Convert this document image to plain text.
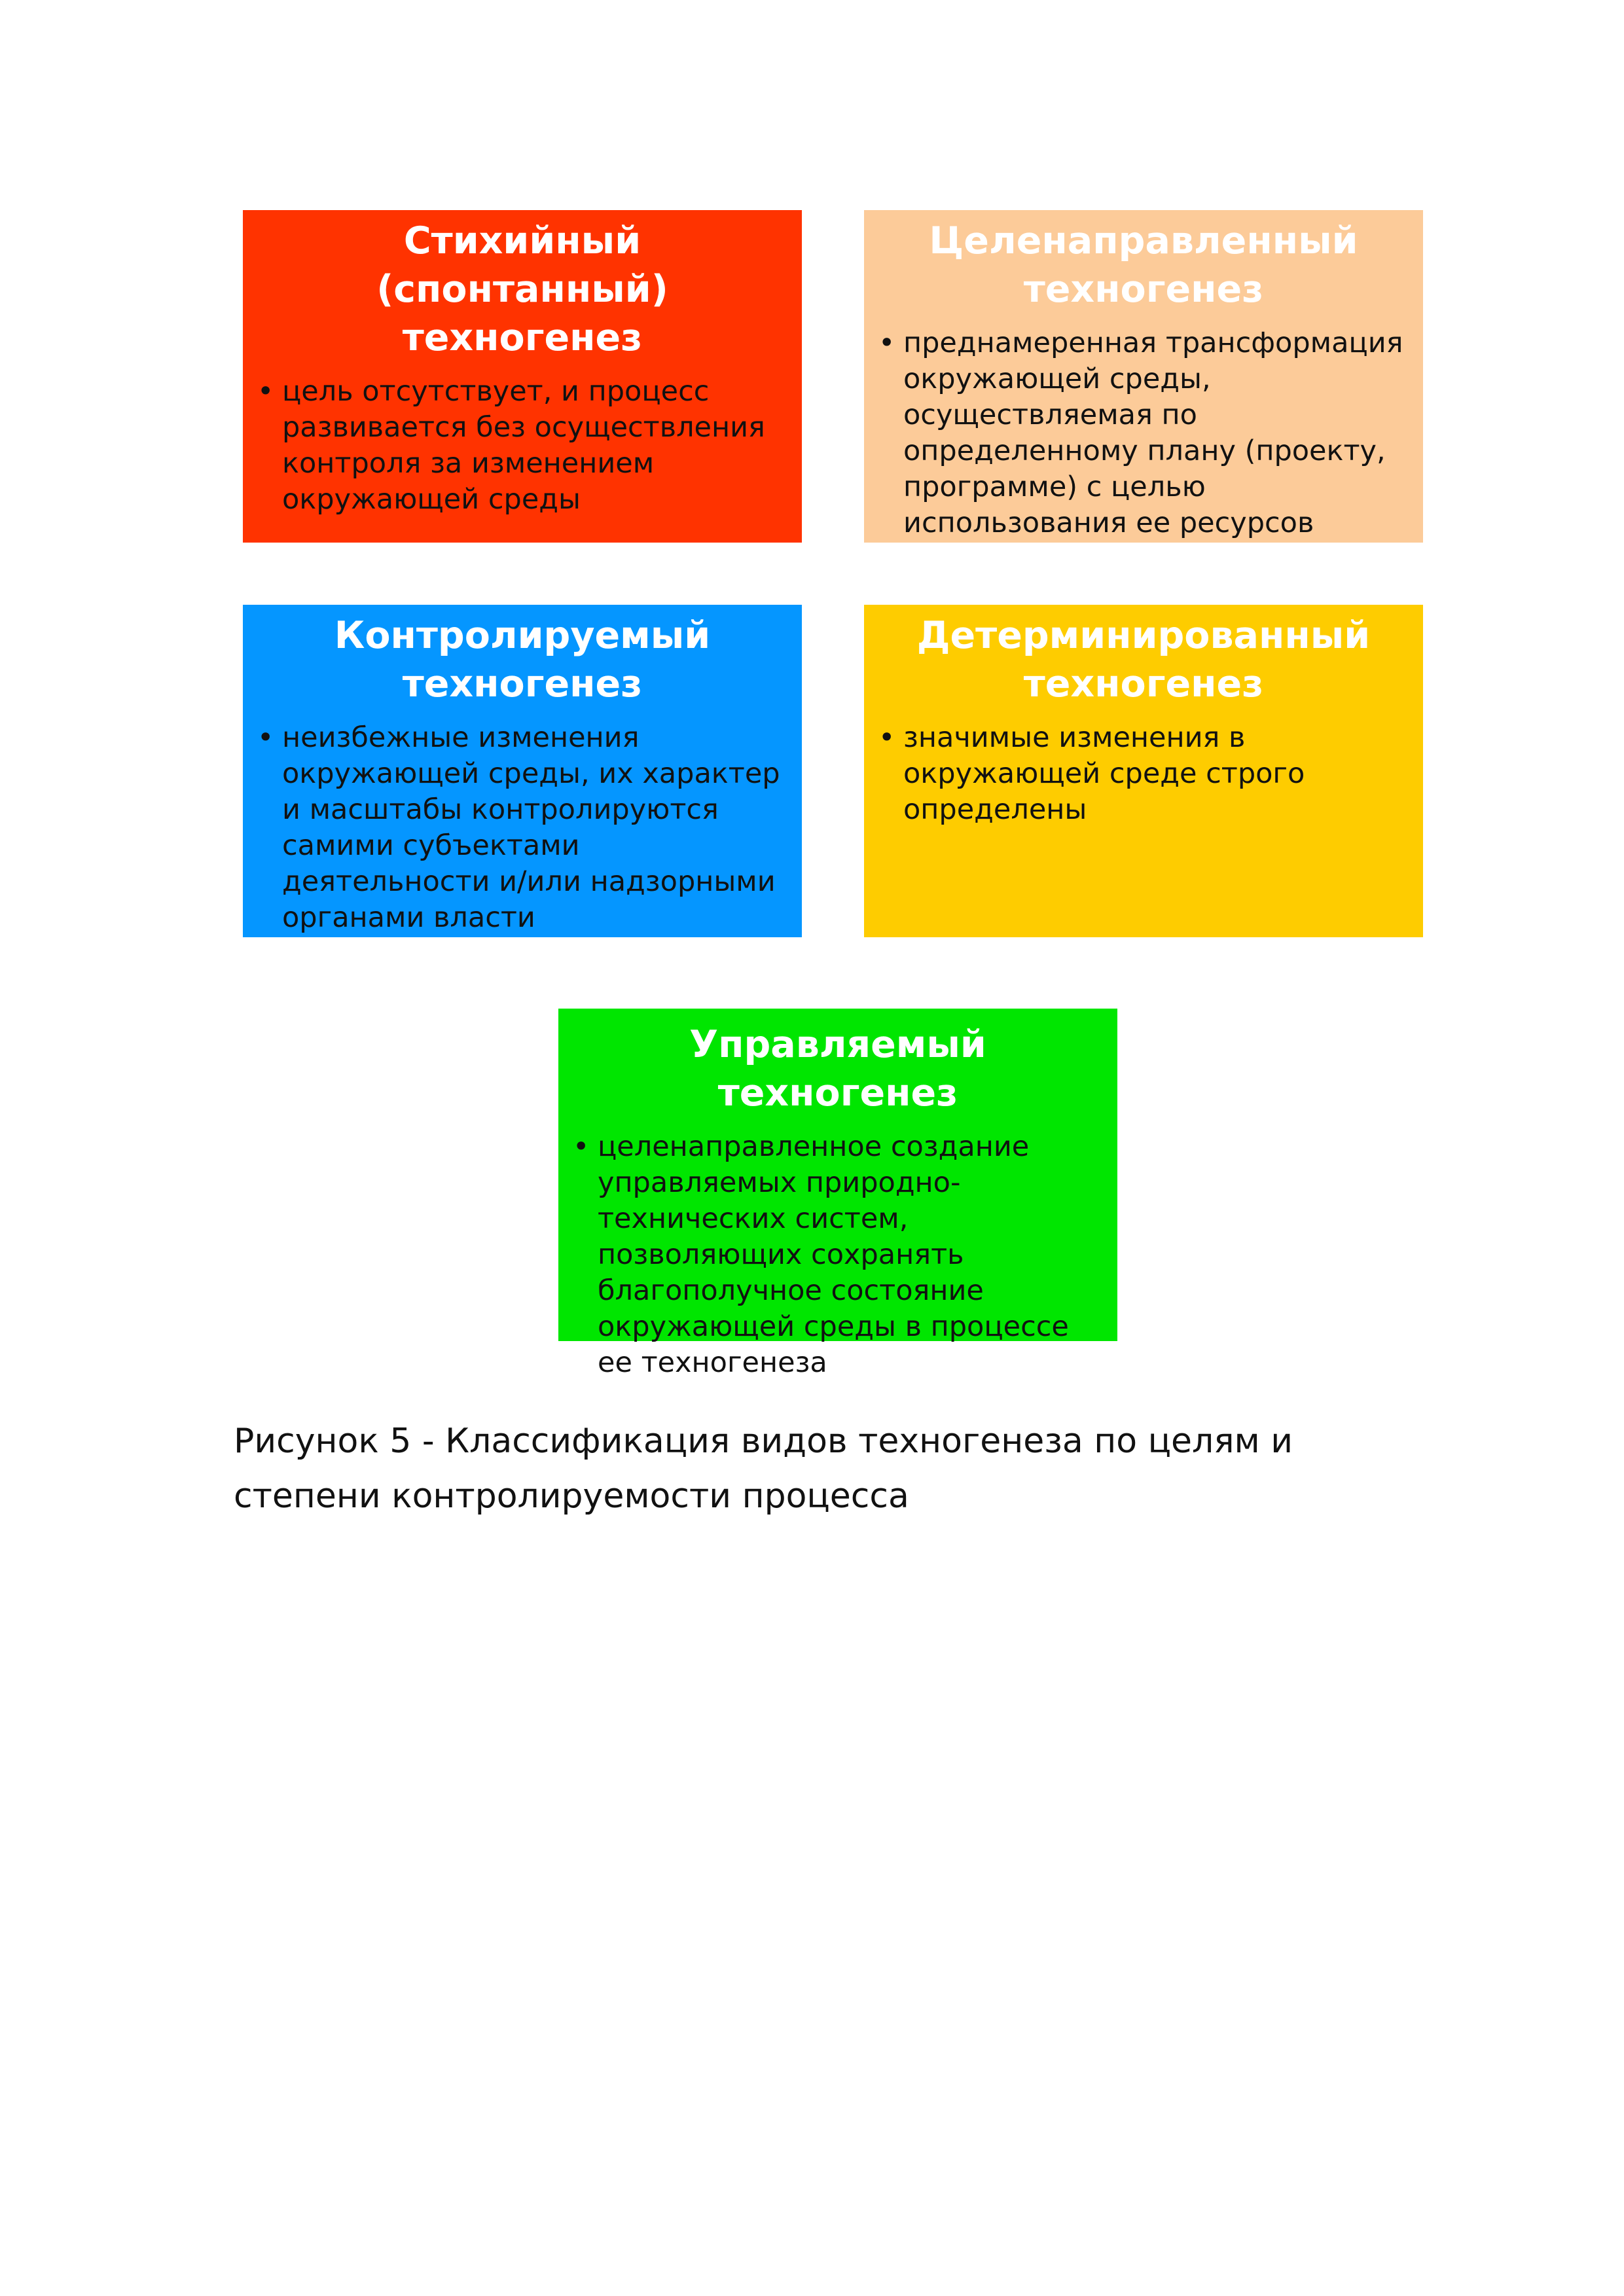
Стихийный (спонтанный) техногенез
• цель отсутствует, и процесс развивается без осуществления контроля за изменением окружающей среды
Целенаправленный техногенез
• преднамеренная трансформация окружающей среды, осуществляемая по определенному плану (проекту, программе) с целью использования ее ресурсов
Контролируемый техногенез
• неизбежные изменения окружающей среды, их характер и масштабы контролируются самими субъектами деятельности и/или надзорными органами власти
Детерминированный техногенез
• значимые изменения в окружающей среде строго определены
Управляемый техногенез
• целенаправленное создание управляемых природно-технических систем, позволяющих сохранять благополучное состояние окружающей среды в процессе ее техногенеза
Рисунок 5 - Классификация видов техногенеза по целям и степени контролируемости процесса
